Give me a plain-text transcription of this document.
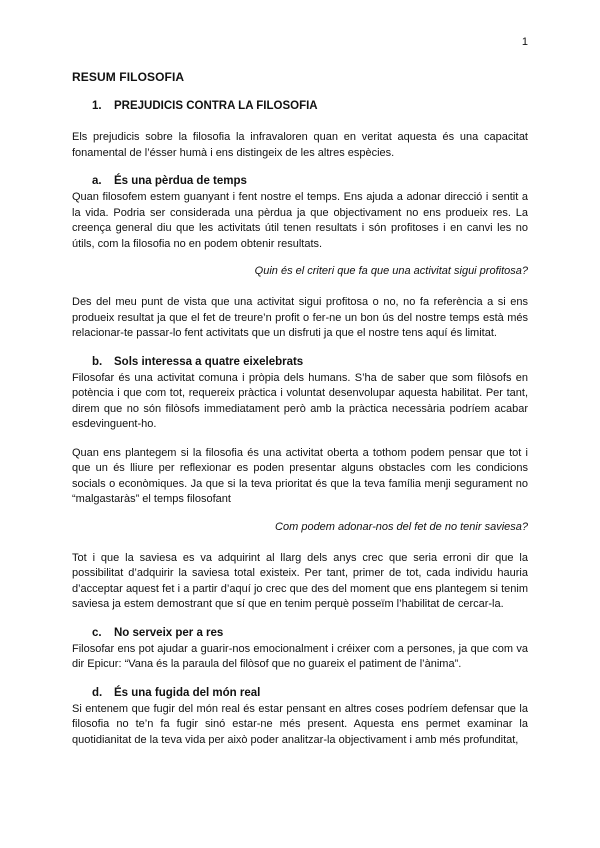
1
RESUM FILOSOFIA
1. PREJUDICIS CONTRA LA FILOSOFIA

Els prejudicis sobre la filosofia la infravaloren quan en veritat aquesta és una capacitat fonamental de l’ésser humà i ens distingeix de les altres espècies.

a. És una pèrdua de temps

Quan filosofem estem guanyant i fent nostre el temps. Ens ajuda a adonar direcció i sentit a la vida. Podria ser considerada una pèrdua ja que objectivament no ens produeix res. La creença general diu que les activitats útil tenen resultats i són profitoses i en canvi les no útils, com la filosofia no en podem obtenir resultats.

Quin és el criteri que fa que una activitat sigui profitosa?

Des del meu punt de vista que una activitat sigui profitosa o no, no fa referència a si ens produeix resultat ja que el fet de treure’n profit o fer-ne un bon ús del nostre temps està més relacionar-te passar-lo fent activitats que un disfruti ja que el nostre tens aquí és limitat.

b. Sols interessa a quatre eixelebrats

Filosofar és una activitat comuna i pròpia dels humans. S’ha de saber que som filòsofs en potència i que com tot, requereix pràctica i voluntat desenvolupar aquesta habilitat. Per tant, direm que no són filòsofs immediatament però amb la pràctica necessària podríem acabar esdevinguent-ho.

Quan ens plantegem si la filosofia és una activitat oberta a tothom podem pensar que tot i que un és lliure per reflexionar es poden presentar alguns obstacles com les condicions socials o econòmiques. Ja que si la teva prioritat és que la teva família menji segurament no “malgastaràs” el temps filosofant

Com podem adonar-nos del fet de no tenir saviesa?

Tot i que la saviesa es va adquirint al llarg dels anys crec que seria erroni dir que la possibilitat d’adquirir la saviesa total existeix. Per tant, primer de tot, cada individu hauria d’acceptar aquest fet i a partir d’aquí jo crec que des del moment que ens plantegem si tenim saviesa ja estem demostrant que sí que en tenim perquè posseïm l’habilitat de cercar-la.

c. No serveix per a res

Filosofar ens pot ajudar a guarir-nos emocionalment i créixer com a persones, ja que com va dir Epicur: “Vana és la paraula del filòsof que no guareix el patiment de l’ànima”.

d. És una fugida del món real

Si entenem que fugir del món real és estar pensant en altres coses podríem defensar que la filosofia no te’n fa fugir sinó estar-ne més present. Aquesta ens permet examinar la quotidianitat de la teva vida per això poder analitzar-la objectivament i amb més profunditat,
